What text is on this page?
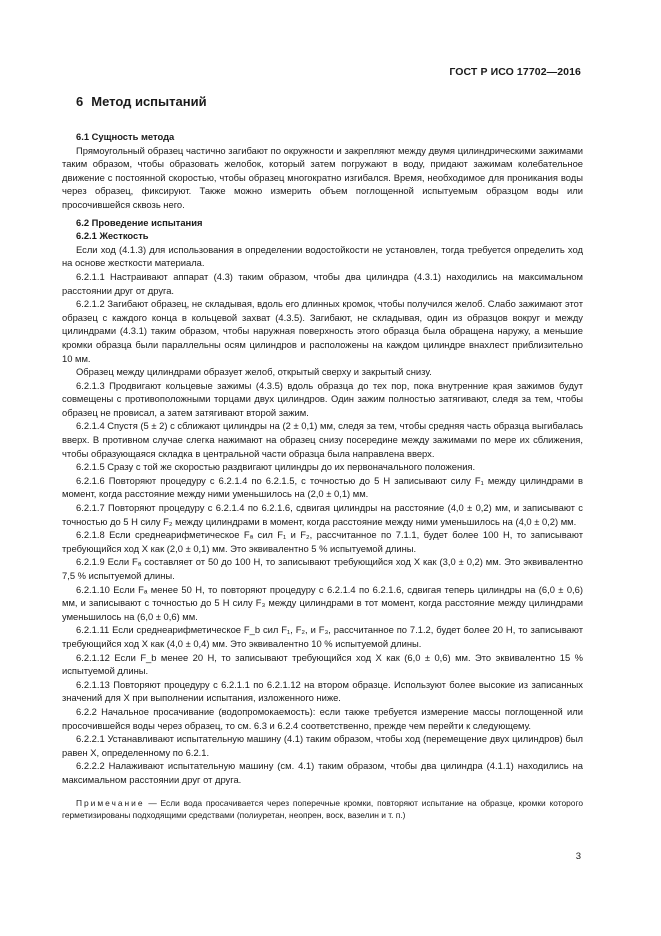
ГОСТ Р ИСО 17702—2016
6 Метод испытаний

6.1 Сущность метода

Прямоугольный образец частично загибают по окружности и закрепляют между двумя цилиндрическими зажимами таким образом, чтобы образовать желобок, который затем погружают в воду, придают зажимам колебательное движение с постоянной скоростью, чтобы образец многократно изгибался. Время, необходимое для проникания воды через образец, фиксируют. Также можно измерить объем поглощенной испытуемым образцом воды или просочившейся сквозь него.

6.2 Проведение испытания

6.2.1 Жесткость

Если ход (4.1.3) для использования в определении водостойкости не установлен, тогда требуется определить ход на основе жесткости материала.

6.2.1.1 Настраивают аппарат (4.3) таким образом, чтобы два цилиндра (4.3.1) находились на максимальном расстоянии друг от друга.

6.2.1.2 Загибают образец, не складывая, вдоль его длинных кромок, чтобы получился желоб. Слабо зажимают этот образец с каждого конца в кольцевой захват (4.3.5). Загибают, не складывая, один из образцов вокруг и между цилиндрами (4.3.1) таким образом, чтобы наружная поверхность этого образца была обращена наружу, а меньшие кромки образца были параллельны осям цилиндров и расположены на каждом цилиндре внахлест приблизительно 10 мм.

Образец между цилиндрами образует желоб, открытый сверху и закрытый снизу.

6.2.1.3 Продвигают кольцевые зажимы (4.3.5) вдоль образца до тех пор, пока внутренние края зажимов будут совмещены с противоположными торцами двух цилиндров. Один зажим полностью затягивают, следя за тем, чтобы образец не провисал, а затем затягивают второй зажим.

6.2.1.4 Спустя (5 ± 2) с сближают цилиндры на (2 ± 0,1) мм, следя за тем, чтобы средняя часть образца выгибалась вверх. В противном случае слегка нажимают на образец снизу посередине между зажимами по мере их сближения, чтобы образующаяся складка в центральной части образца была направлена вверх.

6.2.1.5 Сразу с той же скоростью раздвигают цилиндры до их первоначального положения.

6.2.1.6 Повторяют процедуру с 6.2.1.4 по 6.2.1.5, с точностью до 5 Н записывают силу F₁ между цилиндрами в момент, когда расстояние между ними уменьшилось на (2,0 ± 0,1) мм.

6.2.1.7 Повторяют процедуру с 6.2.1.4 по 6.2.1.6, сдвигая цилиндры на расстояние (4,0 ± 0,2) мм, и записывают с точностью до 5 Н силу F₂ между цилиндрами в момент, когда расстояние между ними уменьшилось на (4,0 ± 0,2) мм.

6.2.1.8 Если среднеарифметическое Fₐ сил F₁ и F₂, рассчитанное по 7.1.1, будет более 100 Н, то записывают требующийся ход X как (2,0 ± 0,1) мм. Это эквивалентно 5 % испытуемой длины.

6.2.1.9 Если Fₐ составляет от 50 до 100 Н, то записывают требующийся ход X как (3,0 ± 0,2) мм. Это эквивалентно 7,5 % испытуемой длины.

6.2.1.10 Если Fₐ менее 50 Н, то повторяют процедуру с 6.2.1.4 по 6.2.1.6, сдвигая теперь цилиндры на (6,0 ± 0,6) мм, и записывают с точностью до 5 Н силу F₃ между цилиндрами в тот момент, когда расстояние между цилиндрами уменьшилось на (6,0 ± 0,6) мм.

6.2.1.11 Если среднеарифметическое F_b сил F₁, F₂, и F₃, рассчитанное по 7.1.2, будет более 20 Н, то записывают требующийся ход X как (4,0 ± 0,4) мм. Это эквивалентно 10 % испытуемой длины.

6.2.1.12 Если F_b менее 20 Н, то записывают требующийся ход X как (6,0 ± 0,6) мм. Это эквивалентно 15 % испытуемой длины.

6.2.1.13 Повторяют процедуру с 6.2.1.1 по 6.2.1.12 на втором образце. Используют более высокие из записанных значений для X при выполнении испытания, изложенного ниже.

6.2.2 Начальное просачивание (водопромокаемость): если также требуется измерение массы поглощенной или просочившейся воды через образец, то см. 6.3 и 6.2.4 соответственно, прежде чем перейти к следующему.

6.2.2.1 Устанавливают испытательную машину (4.1) таким образом, чтобы ход (перемещение двух цилиндров) был равен X, определенному по 6.2.1.

6.2.2.2 Налаживают испытательную машину (см. 4.1) таким образом, чтобы два цилиндра (4.1.1) находились на максимальном расстоянии друг от друга.

Примечание — Если вода просачивается через поперечные кромки, повторяют испытание на образце, кромки которого герметизированы подходящими средствами (полиуретан, неопрен, воск, вазелин и т. п.)

3
